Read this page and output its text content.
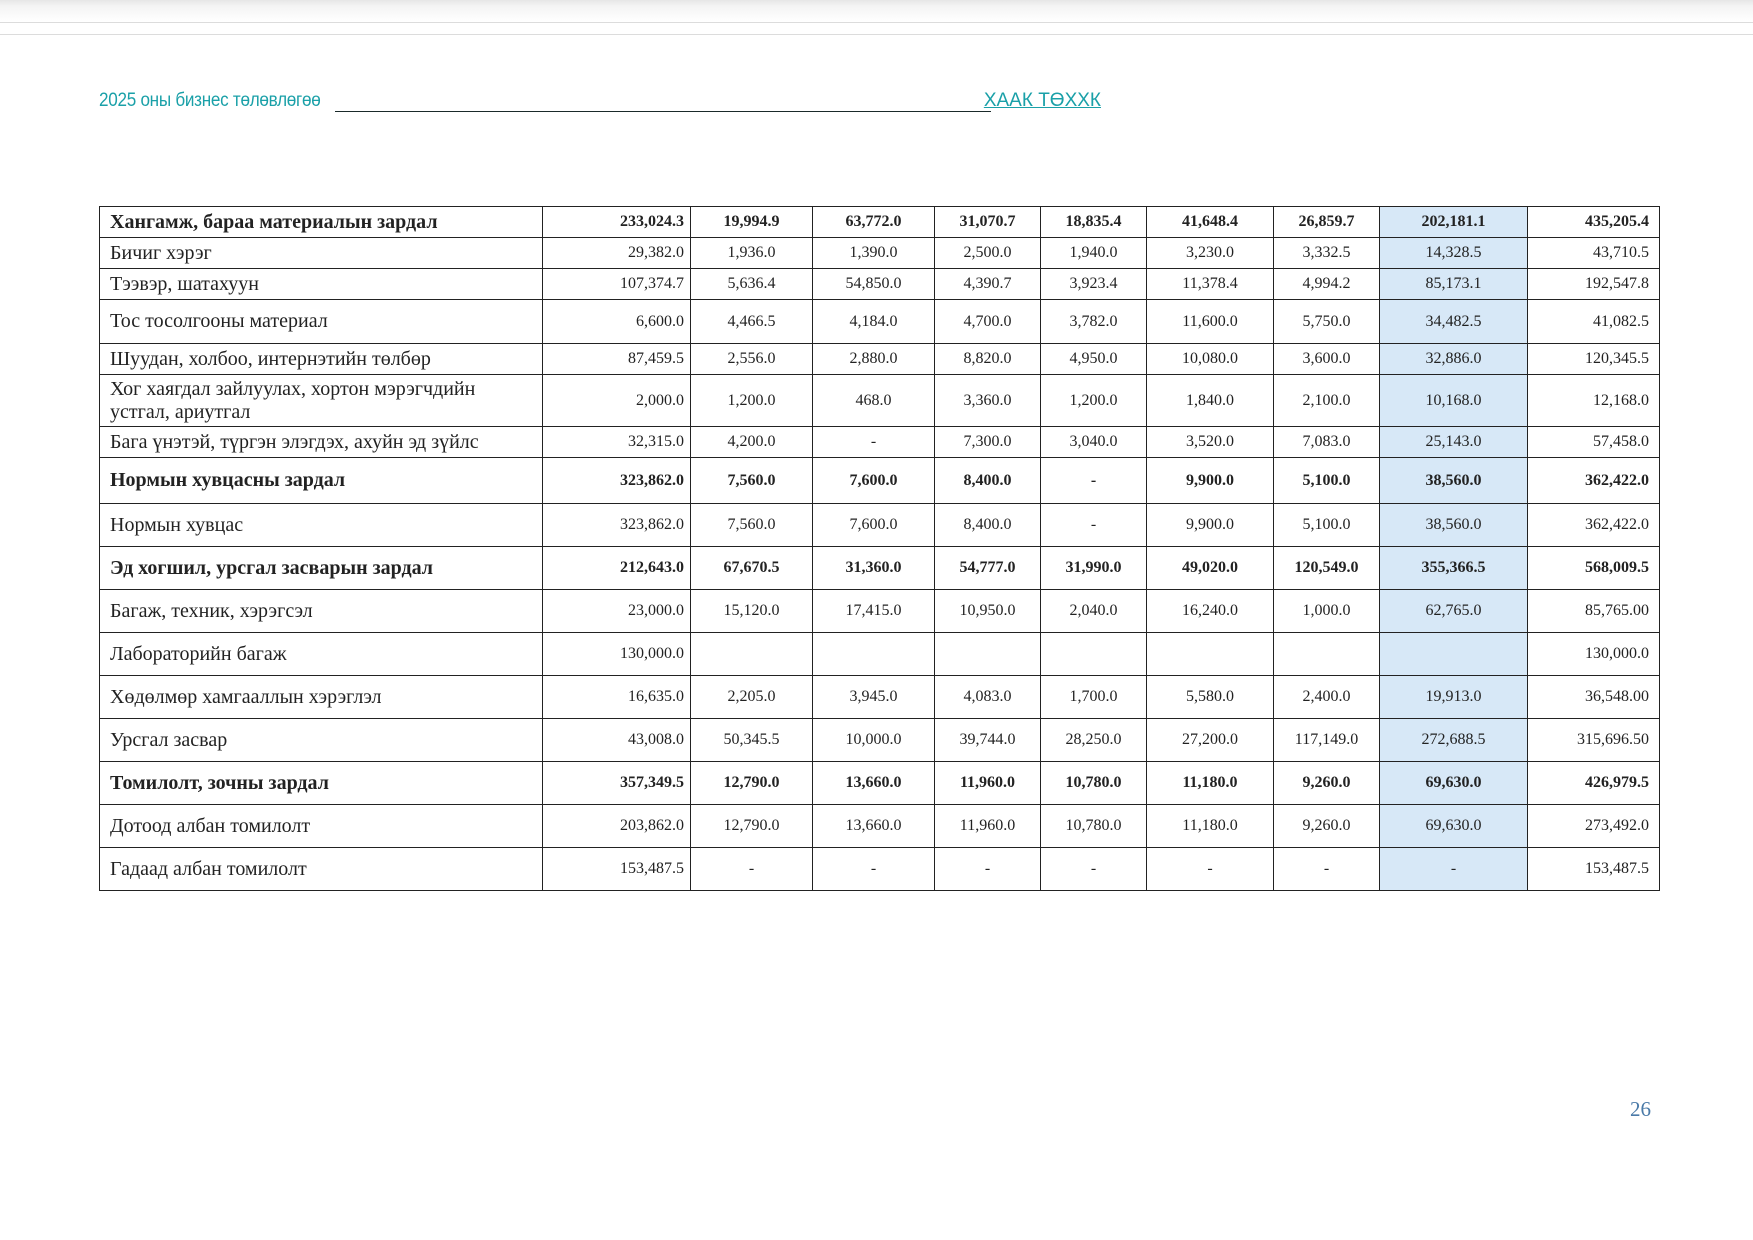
2025 оны бизнес төлөвлөгөө	ХААК ТӨХХК
Хангамж, бараа материалын зардал	233,024.3	19,994.9	63,772.0	31,070.7	18,835.4	41,648.4	26,859.7	202,181.1	435,205.4
Бичиг хэрэг	29,382.0	1,936.0	1,390.0	2,500.0	1,940.0	3,230.0	3,332.5	14,328.5	43,710.5
Тээвэр, шатахуун	107,374.7	5,636.4	54,850.0	4,390.7	3,923.4	11,378.4	4,994.2	85,173.1	192,547.8
Тос тосолгооны материал	6,600.0	4,466.5	4,184.0	4,700.0	3,782.0	11,600.0	5,750.0	34,482.5	41,082.5
Шуудан, холбоо, интернэтийн төлбөр	87,459.5	2,556.0	2,880.0	8,820.0	4,950.0	10,080.0	3,600.0	32,886.0	120,345.5
Хог хаягдал зайлуулах, хортон мэрэгчдийн устгал, ариутгал	2,000.0	1,200.0	468.0	3,360.0	1,200.0	1,840.0	2,100.0	10,168.0	12,168.0
Бага үнэтэй, түргэн элэгдэх, ахуйн эд зүйлс	32,315.0	4,200.0	-	7,300.0	3,040.0	3,520.0	7,083.0	25,143.0	57,458.0
Нормын хувцасны зардал	323,862.0	7,560.0	7,600.0	8,400.0	-	9,900.0	5,100.0	38,560.0	362,422.0
Нормын хувцас	323,862.0	7,560.0	7,600.0	8,400.0	-	9,900.0	5,100.0	38,560.0	362,422.0
Эд хогшил, урсгал засварын зардал	212,643.0	67,670.5	31,360.0	54,777.0	31,990.0	49,020.0	120,549.0	355,366.5	568,009.5
Багаж, техник, хэрэгсэл	23,000.0	15,120.0	17,415.0	10,950.0	2,040.0	16,240.0	1,000.0	62,765.0	85,765.00
Лабораторийн багаж	130,000.0								130,000.0
Хөдөлмөр хамгааллын хэрэглэл	16,635.0	2,205.0	3,945.0	4,083.0	1,700.0	5,580.0	2,400.0	19,913.0	36,548.00
Урсгал засвар	43,008.0	50,345.5	10,000.0	39,744.0	28,250.0	27,200.0	117,149.0	272,688.5	315,696.50
Томилолт, зочны зардал	357,349.5	12,790.0	13,660.0	11,960.0	10,780.0	11,180.0	9,260.0	69,630.0	426,979.5
Дотоод албан томилолт	203,862.0	12,790.0	13,660.0	11,960.0	10,780.0	11,180.0	9,260.0	69,630.0	273,492.0
Гадаад албан томилолт	153,487.5	-	-	-	-	-	-	-	153,487.5
26
